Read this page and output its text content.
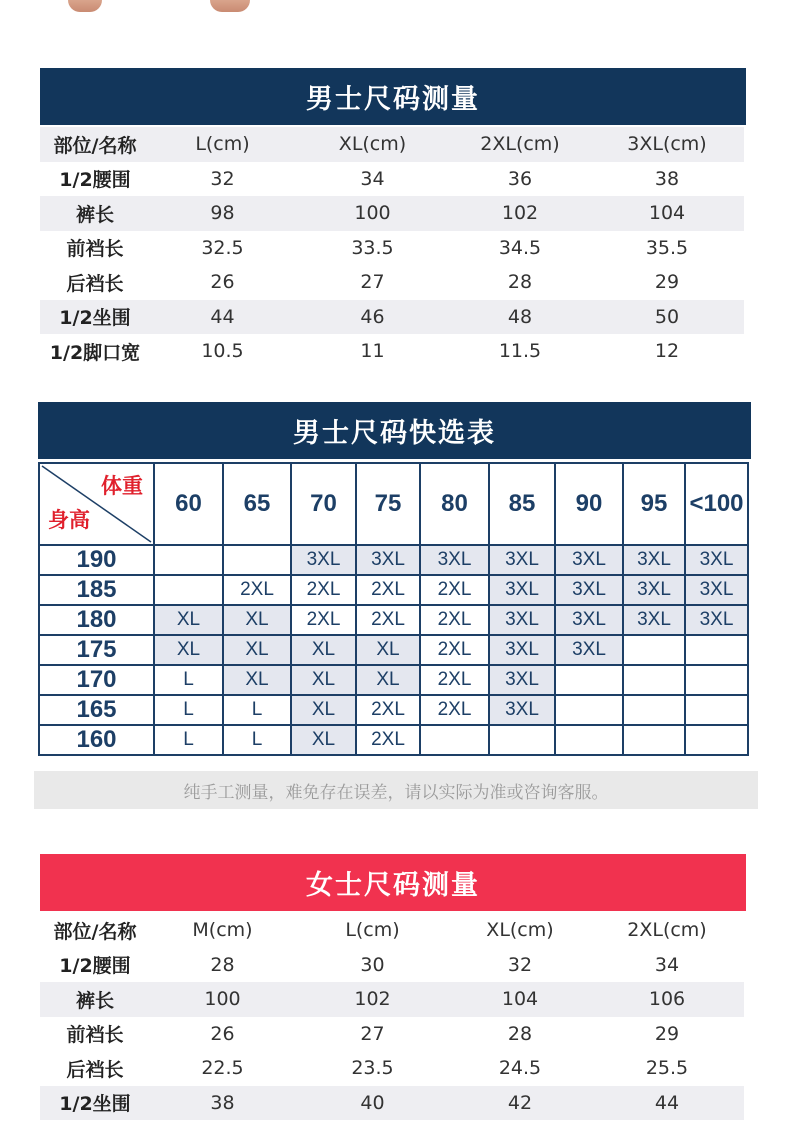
男士尺码测量
部位/名称	L(cm)	XL(cm)	2XL(cm)	3XL(cm)
1/2腰围	32	34	36	38
裤长	98	100	102	104
前裆长	32.5	33.5	34.5	35.5
后裆长	26	27	28	29
1/2坐围	44	46	48	50
1/2脚口宽	10.5	11	11.5	12
男士尺码快选表
体重
身高	60	65	70	75	80	85	90	95	<100
190			3XL	3XL	3XL	3XL	3XL	3XL	3XL
185		2XL	2XL	2XL	2XL	3XL	3XL	3XL	3XL
180	XL	XL	2XL	2XL	2XL	3XL	3XL	3XL	3XL
175	XL	XL	XL	XL	2XL	3XL	3XL		
170	L	XL	XL	XL	2XL	3XL			
165	L	L	XL	2XL	2XL	3XL			
160	L	L	XL	2XL					
纯手工测量，难免存在误差，请以实际为准或咨询客服。
女士尺码测量
部位/名称	M(cm)	L(cm)	XL(cm)	2XL(cm)
1/2腰围	28	30	32	34
裤长	100	102	104	106
前裆长	26	27	28	29
后裆长	22.5	23.5	24.5	25.5
1/2坐围	38	40	42	44
